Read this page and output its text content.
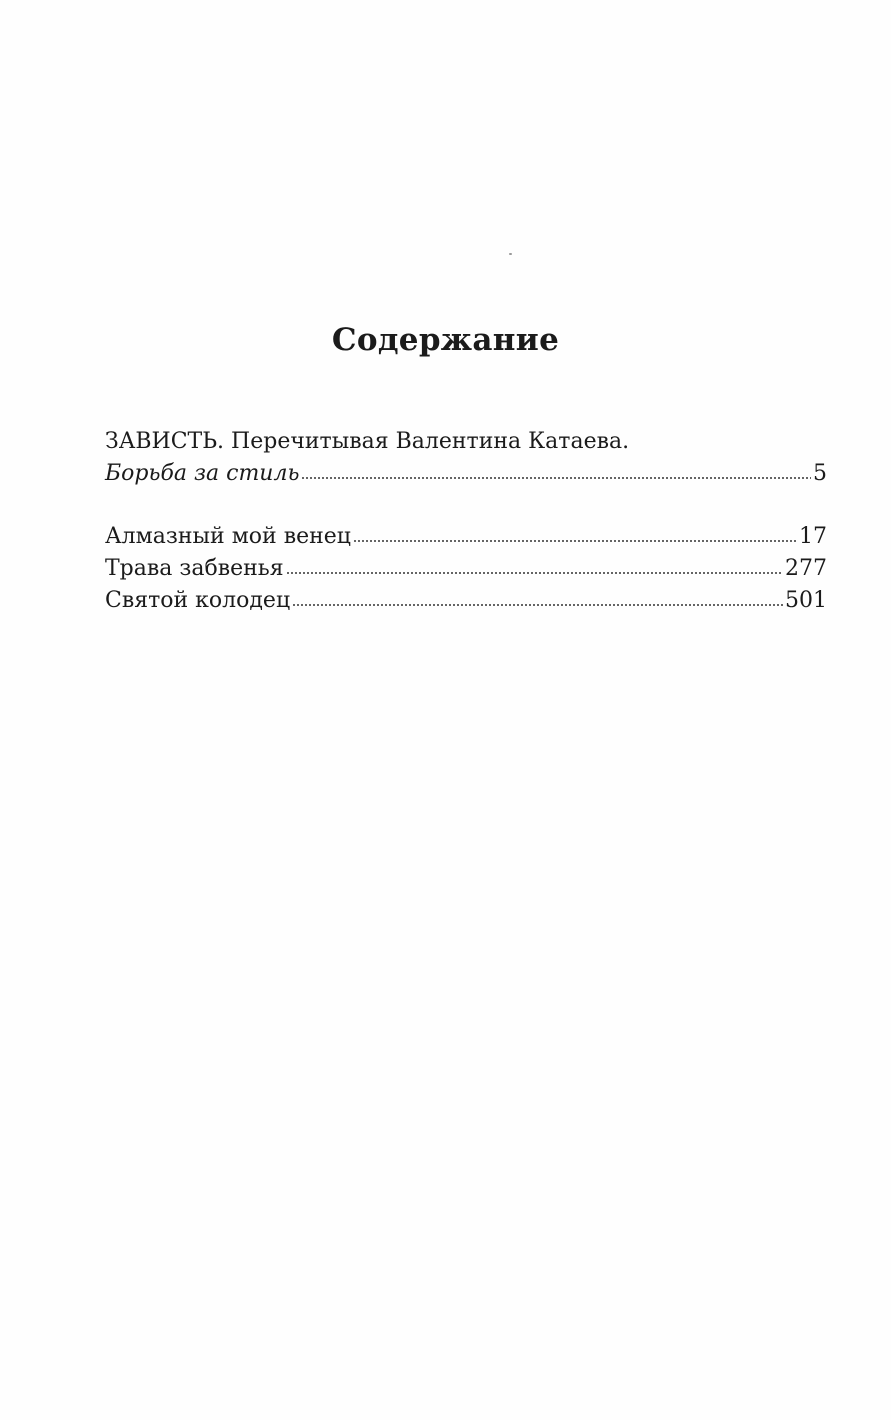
Содержание
ЗАВИСТЬ. Перечитывая Валентина Катаева.
Борьба за стиль	5
Алмазный мой венец	17
Трава забвенья	277
Святой колодец	501
